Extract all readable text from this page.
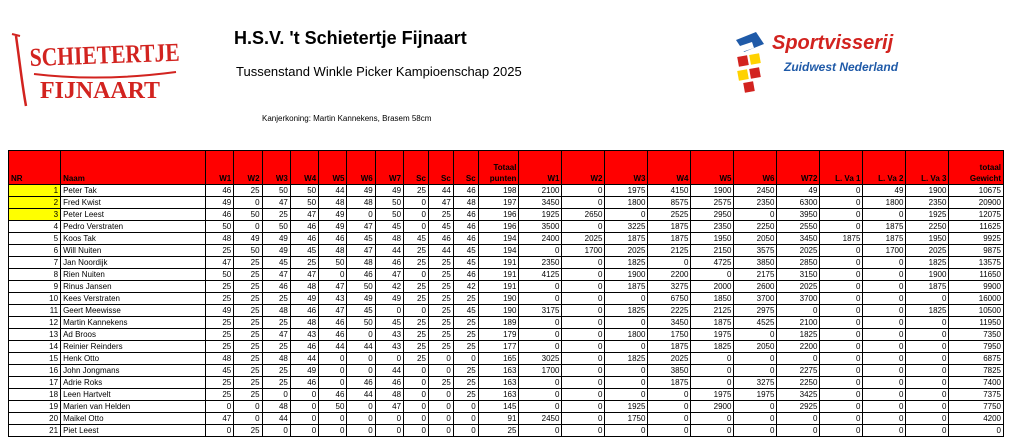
SCHIETERTJE
FIJNAART
H.S.V. 't Schietertje Fijnaart
Tussenstand Winkle Picker Kampioenschap 2025
Kanjerkoning: Martin Kannekens, Brasem 58cm
Sportvisserij
Zuidwest Nederland
												Totaal											totaal
NR	Naam	W1	W2	W3	W4	W5	W6	W7	Sc	Sc	Sc	punten	W1	W2	W3	W4	W5	W6	W72	L. Va 1	L. Va 2	L. Va 3	Gewicht
1	Peter Tak	46	25	50	50	44	49	49	25	44	46	198	2100	0	1975	4150	1900	2450	49	0	49	1900	10675
2	Fred Kwist	49	0	47	50	48	48	50	0	47	48	197	3450	0	1800	8575	2575	2350	6300	0	1800	2350	20900
3	Peter Leest	46	50	25	47	49	0	50	0	25	46	196	1925	2650	0	2525	2950	0	3950	0	0	1925	12075
4	Pedro Verstraten	50	0	50	46	49	47	45	0	45	46	196	3500	0	3225	1875	2350	2250	2550	0	1875	2250	11625
5	Koos Tak	48	49	49	46	46	45	48	45	46	46	194	2400	2025	1875	1875	1950	2050	3450	1875	1875	1950	9925
6	Will Nuiten	25	50	49	45	48	47	44	25	44	45	194	0	1700	2025	2125	2150	3575	2025	0	1700	2025	9875
7	Jan Noordijk	47	25	45	25	50	48	46	25	25	45	191	2350	0	1825	0	4725	3850	2850	0	0	1825	13575
8	Rien Nuiten	50	25	47	47	0	46	47	0	25	46	191	4125	0	1900	2200	0	2175	3150	0	0	1900	11650
9	Rinus Jansen	25	25	46	48	47	50	42	25	25	42	191	0	0	1875	3275	2000	2600	2025	0	0	1875	9900
10	Kees Verstraten	25	25	25	49	43	49	49	25	25	25	190	0	0	0	6750	1850	3700	3700	0	0	0	16000
11	Geert Meewisse	49	25	48	46	47	45	0	0	25	45	190	3175	0	1825	2225	2125	2975	0	0	0	1825	10500
12	Martin Kannekens	25	25	25	48	46	50	45	25	25	25	189	0	0	0	3450	1875	4525	2100	0	0	0	11950
13	Ad Broos	25	25	47	43	46	0	43	25	25	25	179	0	0	1800	1750	1975	0	1825	0	0	0	7350
14	Reinier Reinders	25	25	25	46	44	44	43	25	25	25	177	0	0	0	1875	1825	2050	2200	0	0	0	7950
15	Henk Otto	48	25	48	44	0	0	0	25	0	0	165	3025	0	1825	2025	0	0	0	0	0	0	6875
16	John Jongmans	45	25	25	49	0	0	44	0	0	25	163	1700	0	0	3850	0	0	2275	0	0	0	7825
17	Adrie Roks	25	25	25	46	0	46	46	0	25	25	163	0	0	0	1875	0	3275	2250	0	0	0	7400
18	Leen Hartvelt	25	25	0	0	46	44	48	0	0	25	163	0	0	0	0	1975	1975	3425	0	0	0	7375
19	Marien van Helden	0	0	48	0	50	0	47	0	0	0	145	0	0	1925	0	2900	0	2925	0	0	0	7750
20	Maikel Otto	47	0	44	0	0	0	0	0	0	0	91	2450	0	1750	0	0	0	0	0	0	0	4200
21	Piet Leest	0	25	0	0	0	0	0	0	0	0	25	0	0	0	0	0	0	0	0	0	0	0
